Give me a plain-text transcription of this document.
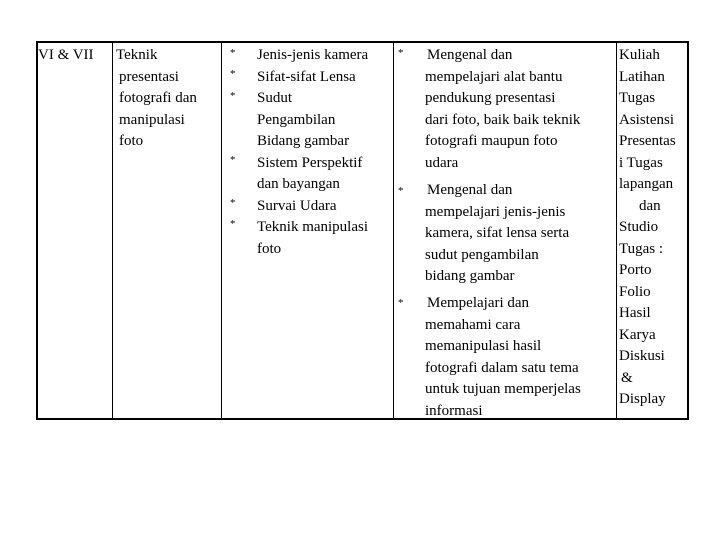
VI & VII	Teknik
presentasi
fotografi dan
manipulasi
foto
*
*
*
*
*
*
Jenis-jenis kamera
Sifat-sifat Lensa
Sudut
Pengambilan
Bidang gambar
Sistem Perspektif
dan bayangan
Survai Udara
Teknik manipulasi
foto
*
*
*
Mengenal dan
mempelajari alat bantu
pendukung presentasi
dari foto, baik baik teknik
fotografi maupun foto
udara
Mengenal dan
mempelajari jenis-jenis
kamera, sifat lensa serta
sudut pengambilan
bidang gambar
Mempelajari dan
memahami cara
memanipulasi hasil
fotografi dalam satu tema
untuk tujuan memperjelas
informasi
Kuliah
Latihan
Tugas
Asistensi
Presentas
i Tugas
lapangan
dan
Studio
Tugas :
Porto
Folio
Hasil
Karya
Diskusi
&
Display
